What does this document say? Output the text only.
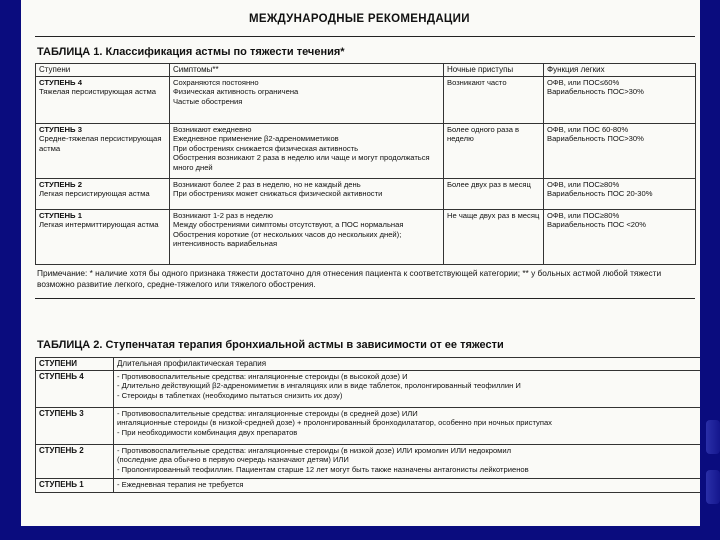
МЕЖДУНАРОДНЫЕ РЕКОМЕНДАЦИИ
ТАБЛИЦА 1. Классификация астмы по тяжести течения*
Ступени	Симптомы**	Ночные приступы	Функция легких

СТУПЕНЬ 4
Тяжелая персистирующая астма	Сохраняются постоянно
Физическая активность ограничена
Частые обострения	Возникают часто	ОФВ, или ПОС≤60%
Вариабельность ПОС>30%

СТУПЕНЬ 3
Средне-тяжелая персистирующая астма	Возникают ежедневно
Ежедневное применение β2-адреномиметиков
При обострениях снижается физическая активность
Обострения возникают 2 раза в неделю или чаще и могут продолжаться много дней	Более одного раза в неделю	ОФВ, или ПОС 60-80%
Вариабельность ПОС>30%

СТУПЕНЬ 2
Легкая персистирующая астма	Возникают более 2 раз в неделю, но не каждый день
При обострениях может снижаться физической активности	Более двух раз в месяц	ОФВ, или ПОС≥80%
Вариабельность ПОС 20-30%

СТУПЕНЬ 1
Легкая интермиттирующая астма	Возникают 1-2 раз в неделю
Между обострениями симптомы отсутствуют, а ПОС нормальная
Обострения короткие (от нескольких часов до нескольких дней); интенсивность вариабельная	Не чаще двух раз в месяц	ОФВ, или ПОС≥80%
Вариабельность ПОС <20%
Примечание: * наличие хотя бы одного признака тяжести достаточно для отнесения пациента к соответствующей категории; ** у больных астмой любой тяжести возможно развитие легкого, средне-тяжелого или тяжелого обострения.
ТАБЛИЦА 2. Ступенчатая терапия бронхиальной астмы в зависимости от ее тяжести
СТУПЕНИ	Длительная профилактическая терапия
СТУПЕНЬ 4	- Противовоспалительные средства: ингаляционные стероиды (в высокой дозе) И
- Длительно действующий β2-адреномиметик в ингаляциях или в виде таблеток, пролонгированный теофиллин И
- Стероиды в таблетках (необходимо пытаться снизить их дозу)

СТУПЕНЬ 3	- Противовоспалительные средства: ингаляционные стероиды (в средней дозе) ИЛИ
ингаляционные стероиды (в низкой-средней дозе) + пролонгированный бронходилататор, особенно при ночных приступах
- При необходимости комбинация двух препаратов

СТУПЕНЬ 2	- Противовоспалительные средства: ингаляционные стероиды (в низкой дозе) ИЛИ кромолин ИЛИ недокромил
(последние два обычно в первую очередь назначают детям) ИЛИ
- Пролонгированный теофиллин. Пациентам старше 12 лет могут быть также назначены антагонисты лейкотриенов

СТУПЕНЬ 1	- Ежедневная терапия не требуется
